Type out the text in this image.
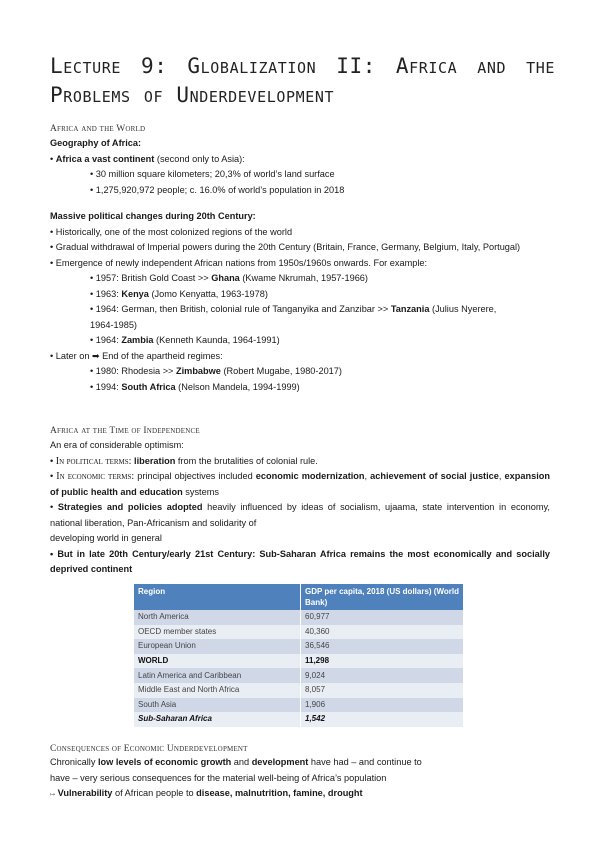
Lecture 9: Globalization II: Africa and the Problems of Underdevelopment
Africa and the World

Geography of Africa:

• Africa a vast continent (second only to Asia):

• 30 million square kilometers; 20,3% of world’s land surface

• 1,275,920,972 people; c. 16.0% of world’s population in 2018

Massive political changes during 20th Century:

• Historically, one of the most colonized regions of the world

• Gradual withdrawal of Imperial powers during the 20th Century (Britain, France, Germany, Belgium, Italy, Portugal)

• Emergence of newly independent African nations from 1950s/1960s onwards. For example:

• 1957: British Gold Coast >> Ghana (Kwame Nkrumah, 1957-1966)

• 1963: Kenya (Jomo Kenyatta, 1963-1978)

• 1964: German, then British, colonial rule of Tanganyika and Zanzibar >> Tanzania (Julius Nyerere,

1964-1985)

• 1964: Zambia (Kenneth Kaunda, 1964-1991)

• Later on ➡ End of the apartheid regimes:

• 1980: Rhodesia >> Zimbabwe (Robert Mugabe, 1980-2017)

• 1994: South Africa (Nelson Mandela, 1994-1999)

Africa at the Time of Independence

An era of considerable optimism:

• In political terms: liberation from the brutalities of colonial rule.

• In economic terms: principal objectives included economic modernization, achievement of social justice, expansion of public health and education systems

• Strategies and policies adopted heavily influenced by ideas of socialism, ujaama, state intervention in economy, national liberation, Pan-Africanism and solidarity of

developing world in general

• But in late 20th Century/early 21st Century: Sub-Saharan Africa remains the most economically and socially deprived continent

Region	GDP per capita, 2018 (US dollars) (World Bank)
North America	60,977
OECD member states	40,360
European Union	36,546
WORLD	11,298
Latin America and Caribbean	9,024
Middle East and North Africa	8,057
South Asia	1,906
Sub-Saharan Africa	1,542
Consequences of Economic Underdevelopment

Chronically low levels of economic growth and development have had – and continue to

have – very serious consequences for the material well-being of Africa’s population

↦ Vulnerability of African people to disease, malnutrition, famine, drought
